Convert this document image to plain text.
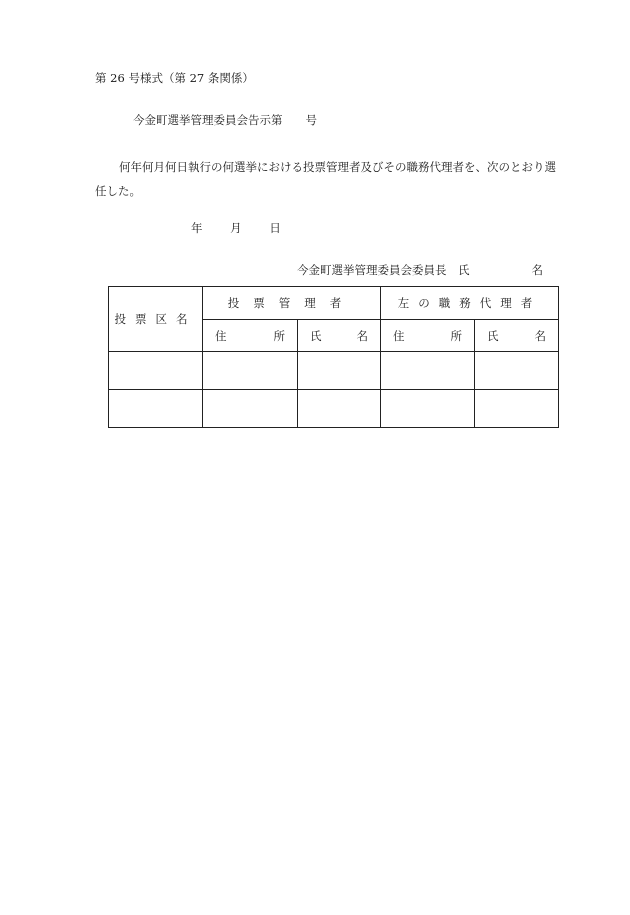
第 26 号様式（第 27 条関係）
今金町選挙管理委員会告示第　　号
何年何月何日執行の何選挙における投票管理者及びその職務代理者を、次のとおり選
任した。
年 月 日
今金町選挙管理委員会委員長　氏	名
投票区名	投票管理者		左の職務代理者	

	住 所	氏 名	住 所	氏 名
